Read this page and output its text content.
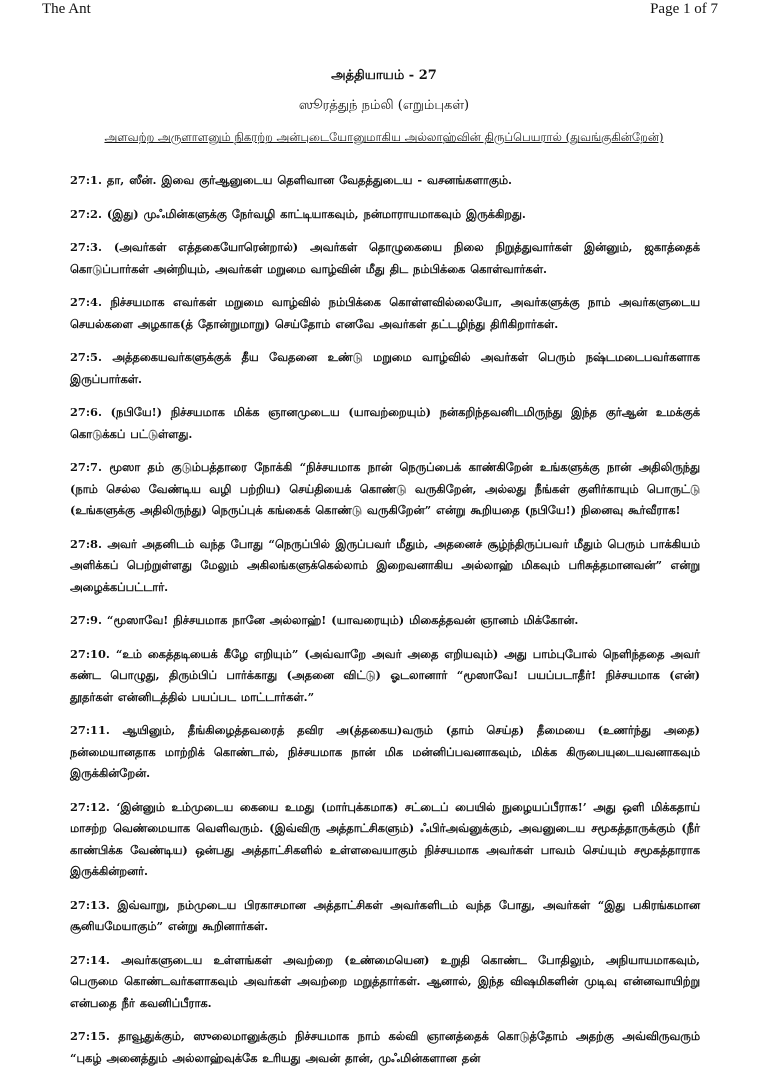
The Ant	Page 1 of 7
அத்தியாயம் - 27
ஸூரத்துந் நம்லி (எறும்புகள்)
அளவற்ற அருளாளனும் நிகரற்ற அன்புடையோனுமாகிய அல்லாஹ்வின் திருப்பெயரால் (துவங்குகின்றேன்)

27:1. தா, ஸீன். இவை குர்ஆனுடைய தெளிவான வேதத்துடைய - வசனங்களாகும்.

27:2. (இது) முஃமின்களுக்கு நேர்வழி காட்டியாகவும், நன்மாராயமாகவும் இருக்கிறது.

27:3. (அவர்கள் எத்தகையோரென்றால்) அவர்கள் தொழுகையை நிலை நிறுத்துவார்கள் இன்னும், ஜகாத்தைக் கொடுப்பார்கள் அன்றியும், அவர்கள் மறுமை வாழ்வின் மீது திட நம்பிக்கை கொள்வார்கள்.

27:4. நிச்சயமாக எவர்கள் மறுமை வாழ்வில் நம்பிக்கை கொள்ளவில்லையோ, அவர்களுக்கு நாம் அவர்களுடைய செயல்களை அழகாக(த் தோன்றுமாறு) செய்தோம் எனவே அவர்கள் தட்டழிந்து திரிகிறார்கள்.

27:5. அத்தகையவர்களுக்குக் தீய வேதனை உண்டு மறுமை வாழ்வில் அவர்கள் பெரும் நஷ்டமடைபவர்களாக இருப்பார்கள்.

27:6. (நபியே!) நிச்சயமாக மிக்க ஞானமுடைய (யாவற்றையும்) நன்கறிந்தவனிடமிருந்து இந்த குர்ஆன் உமக்குக் கொடுக்கப் பட்டுள்ளது.

27:7. மூஸா தம் குடும்பத்தாரை நோக்கி “நிச்சயமாக நான் நெருப்பைக் காண்கிறேன் உங்களுக்கு நான் அதிலிருந்து (நாம் செல்ல வேண்டிய வழி பற்றிய) செய்தியைக் கொண்டு வருகிறேன், அல்லது நீங்கள் குளிர்காயும் பொருட்டு (உங்களுக்கு அதிலிருந்து) நெருப்புக் கங்கைக் கொண்டு வருகிறேன்” என்று கூறியதை (நபியே!) நினைவு கூர்வீராக!

27:8. அவர் அதனிடம் வந்த போது “நெருப்பில் இருப்பவர் மீதும், அதனைச் சூழ்ந்திருப்பவர் மீதும் பெரும் பாக்கியம் அளிக்கப் பெற்றுள்ளது மேலும் அகிலங்களுக்கெல்லாம் இறைவனாகிய அல்லாஹ் மிகவும் பரிசுத்தமானவன்” என்று அழைக்கப்பட்டார்.

27:9. “மூஸாவே! நிச்சயமாக நானே அல்லாஹ்! (யாவரையும்) மிகைத்தவன் ஞானம் மிக்கோன்.

27:10. “உம் கைத்தடியைக் கீழே எறியும்” (அவ்வாறே அவர் அதை எறியவும்) அது பாம்புபோல் நெளிந்ததை அவர் கண்ட பொழுது, திரும்பிப் பார்க்காது (அதனை விட்டு) ஓடலானார் “மூஸாவே! பயப்படாதீர்! நிச்சயமாக (என்) தூதர்கள் என்னிடத்தில் பயப்பட மாட்டார்கள்.”

27:11. ஆயினும், தீங்கிழைத்தவரைத் தவிர அ(த்தகைய)வரும் (தாம் செய்த) தீமையை (உணர்ந்து அதை) நன்மையானதாக மாற்றிக் கொண்டால், நிச்சயமாக நான் மிக மன்னிப்பவனாகவும், மிக்க கிருபையுடையவனாகவும் இருக்கின்றேன்.

27:12. ‘இன்னும் உம்முடைய கையை உமது (மார்புக்கமாக) சட்டைப் பையில் நுழையப்பீராக!’ அது ஒளி மிக்கதாய் மாசற்ற வெண்மையாக வெளிவரும். (இவ்விரு அத்தாட்சிகளும்) ஃபிர்அவ்னுக்கும், அவனுடைய சமூகத்தாருக்கும் (நீர் காண்பிக்க வேண்டிய) ஒன்பது அத்தாட்சிகளில் உள்ளவையாகும் நிச்சயமாக அவர்கள் பாவம் செய்யும் சமூகத்தாராக இருக்கின்றனர்.

27:13. இவ்வாறு, நம்முடைய பிரகாசமான அத்தாட்சிகள் அவர்களிடம் வந்த போது, அவர்கள் “இது பகிரங்கமான சூனியமேயாகும்” என்று கூறினார்கள்.

27:14. அவர்களுடைய உள்ளங்கள் அவற்றை (உண்மையென) உறுதி கொண்ட போதிலும், அநியாயமாகவும், பெருமை கொண்டவர்களாகவும் அவர்கள் அவற்றை மறுத்தார்கள். ஆனால், இந்த விஷமிகளின் முடிவு என்னவாயிற்று என்பதை நீர் கவனிப்பீராக.

27:15. தாவூதுக்கும், ஸுலைமானுக்கும் நிச்சயமாக நாம் கல்வி ஞானத்தைக் கொடுத்தோம் அதற்கு அவ்விருவரும் “புகழ் அனைத்தும் அல்லாஹ்வுக்கே உரியது அவன் தான், முஃமின்களான தன்
